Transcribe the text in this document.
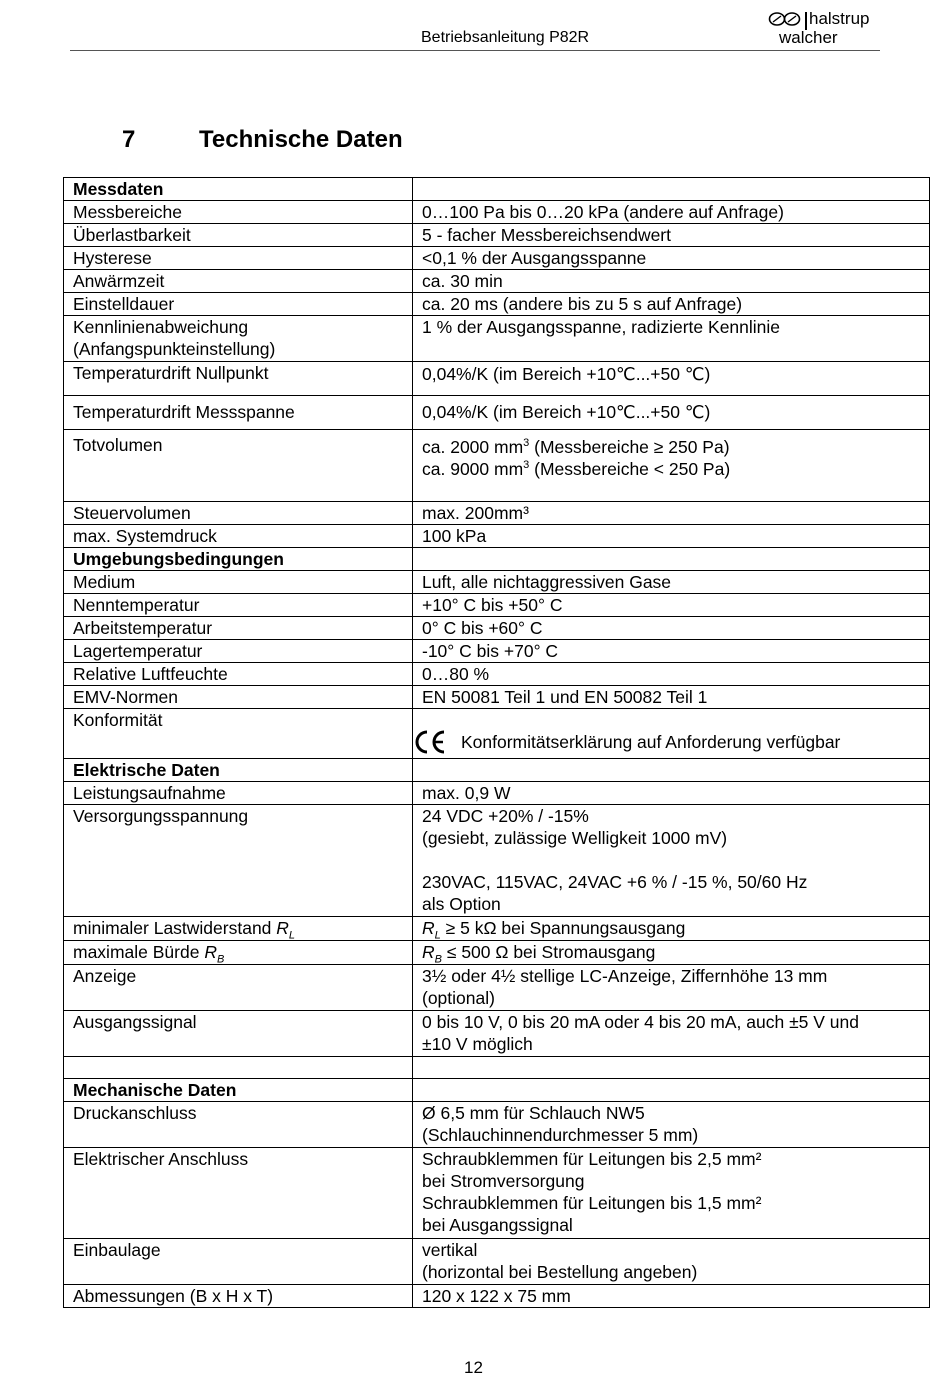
Betriebsanleitung P82R
halstrup
walcher
7	Technische Daten
Messdaten	
Messbereiche	0…100 Pa bis 0…20 kPa (andere auf Anfrage)
Überlastbarkeit	5 - facher Messbereichsendwert
Hysterese	<0,1 % der Ausgangsspanne
Anwärmzeit	ca. 30 min
Einstelldauer	ca. 20 ms (andere bis zu 5 s auf Anfrage)

Kennlinienabweichung
(Anfangspunkteinstellung)	1 % der Ausgangsspanne, radizierte Kennlinie
Temperaturdrift Nullpunkt	0,04%/K (im Bereich +10℃...+50 ℃)
Temperaturdrift Messspanne	0,04%/K (im Bereich +10℃...+50 ℃)
Totvolumen	ca. 2000 $mm^3$ (Messbereiche ≥ 250 Pa)
ca. 9000 $mm^3$ (Messbereiche < 250 Pa)

Steuervolumen	max. 200mm³
max. Systemdruck	100 kPa
Umgebungsbedingungen	
Medium	Luft, alle nichtaggressiven Gase
Nenntemperatur	+10° C bis +50° C
Arbeitstemperatur	0° C bis +60° C
Lagertemperatur	-10° C bis +70° C
Relative Luftfeuchte	0…80 %
EMV-Normen	EN 50081 Teil 1 und EN 50082 Teil 1
Konformität	Konformitätserklärung auf Anforderung verfügbar

Elektrische Daten	
Leistungsaufnahme	max. 0,9 W
Versorgungsspannung	24 VDC +20% / -15%
(gesiebt, zulässige Welligkeit 1000 mV)
230VAC, 115VAC, 24VAC +6 % / -15 %, 50/60 Hz
als Option

minimaler Lastwiderstand $R_L$	$R_L \ge 5$ kΩ bei Spannungsausgang
maximale Bürde $R_B$	$R_B \le 500$ Ω bei Stromausgang
Anzeige	3½ oder 4½ stellige LC-Anzeige, Ziffernhöhe 13 mm
(optional)

Ausgangssignal	0 bis 10 V, 0 bis 20 mA oder 4 bis 20 mA, auch ±5 V und
±10 V möglich

Mechanische Daten	
Druckanschluss	Ø 6,5 mm für Schlauch NW5
(Schlauchinnendurchmesser 5 mm)

Elektrischer Anschluss	Schraubklemmen für Leitungen bis 2,5 mm²
bei Stromversorgung
Schraubklemmen für Leitungen bis 1,5 mm²
bei Ausgangssignal

Einbaulage	vertikal
(horizontal bei Bestellung angeben)

Abmessungen (B x H x T)	120 x 122 x 75 mm
12
